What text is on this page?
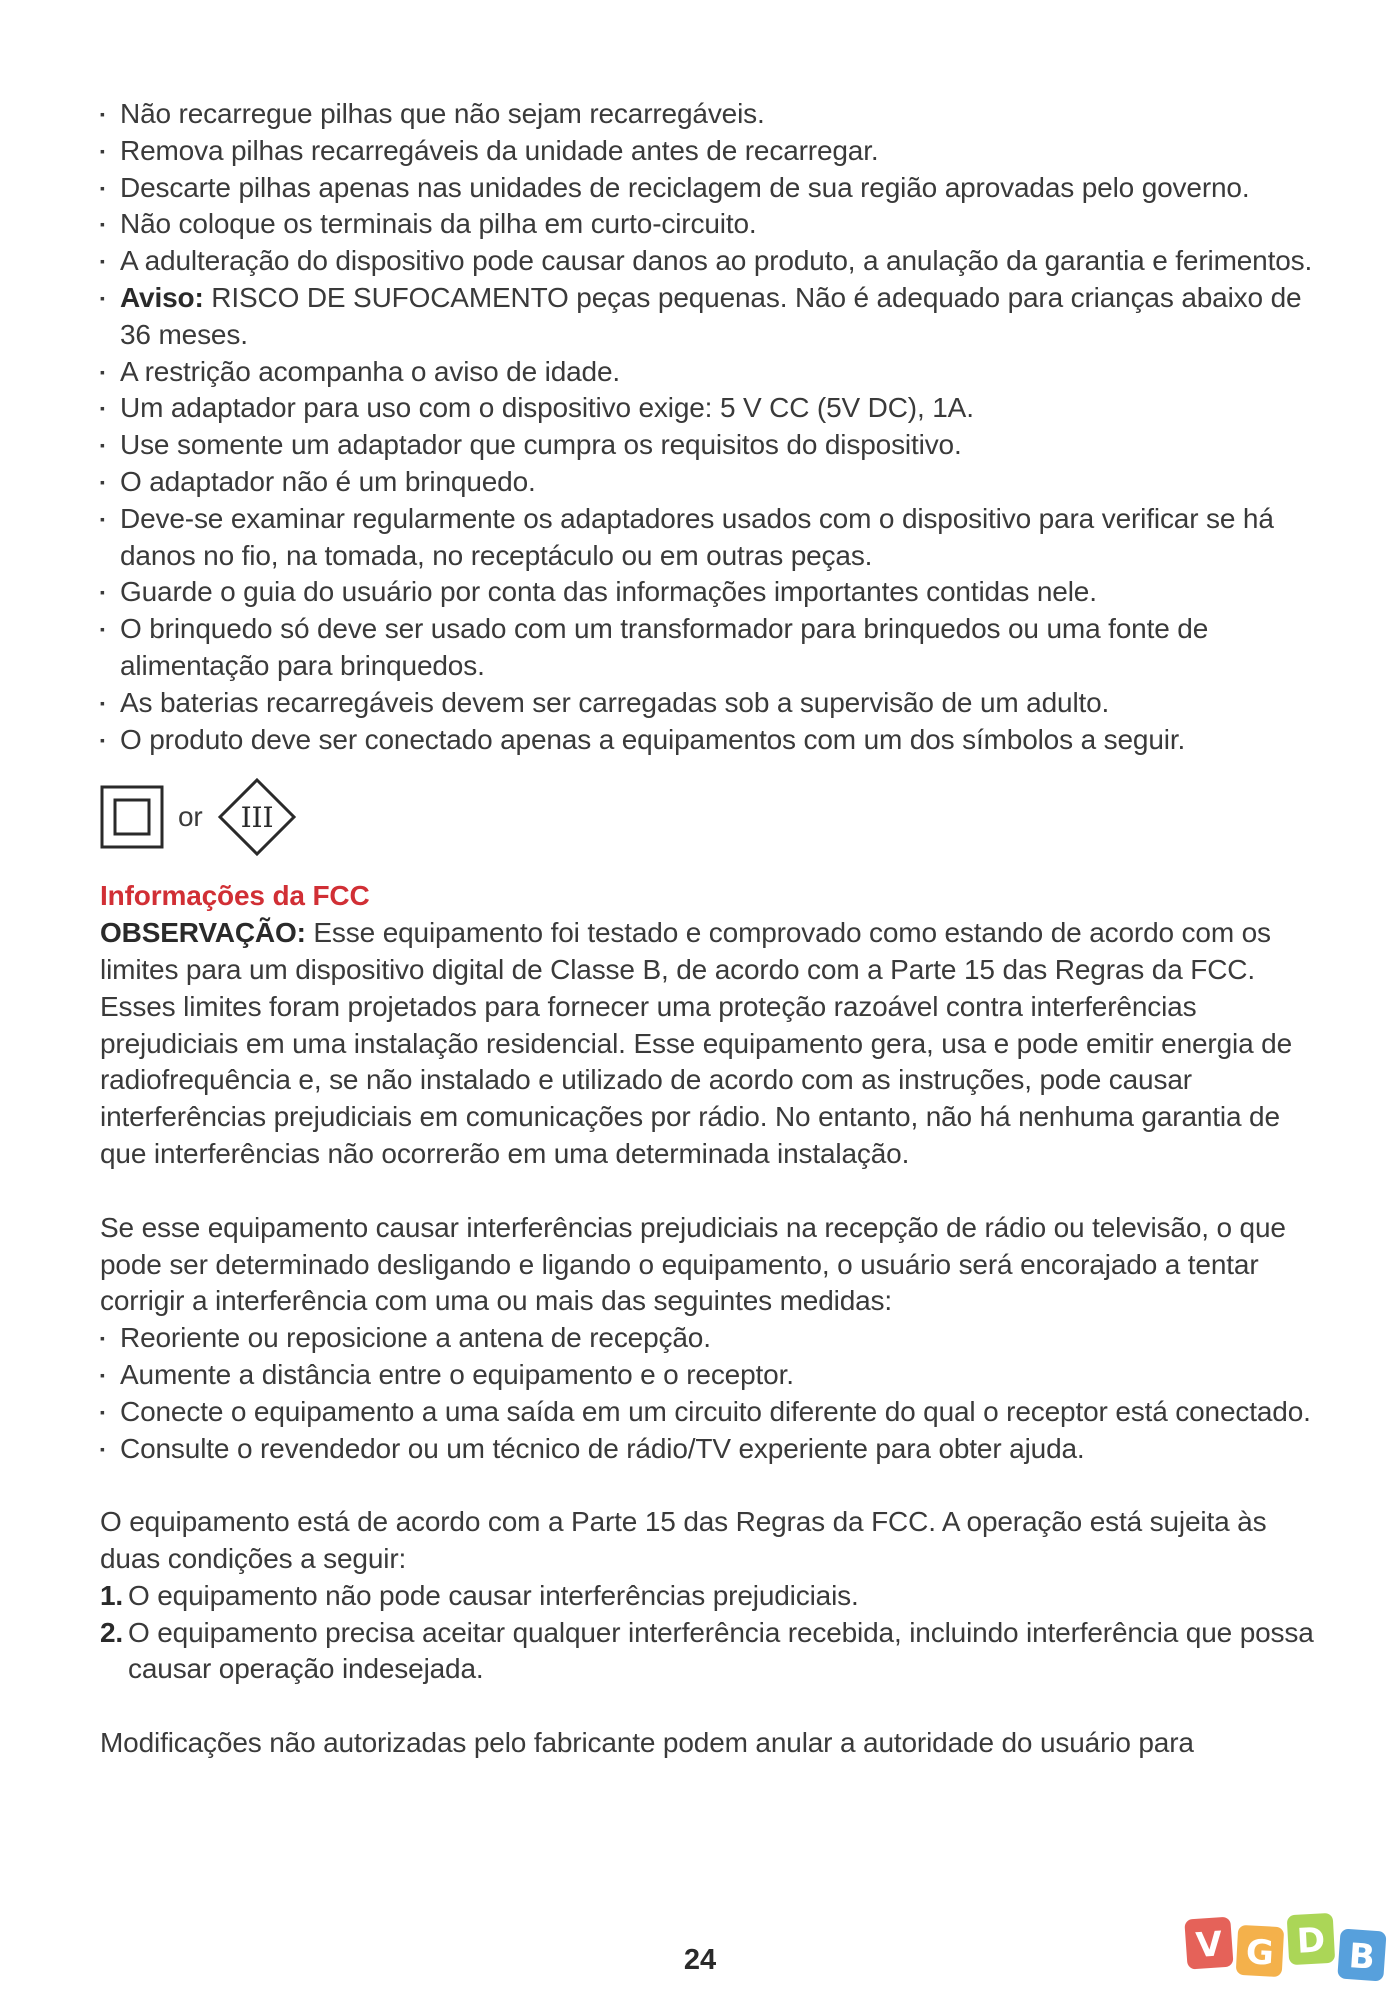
▪ Não recarregue pilhas que não sejam recarregáveis.
▪ Remova pilhas recarregáveis da unidade antes de recarregar.
▪ Descarte pilhas apenas nas unidades de reciclagem de sua região aprovadas pelo governo.
▪ Não coloque os terminais da pilha em curto-circuito.
▪ A adulteração do dispositivo pode causar danos ao produto, a anulação da garantia e ferimentos.
▪ Aviso: RISCO DE SUFOCAMENTO peças pequenas. Não é adequado para crianças abaixo de 36 meses.
▪ A restrição acompanha o aviso de idade.
▪ Um adaptador para uso com o dispositivo exige: 5 V CC (5V DC), 1A.
▪ Use somente um adaptador que cumpra os requisitos do dispositivo.
▪ O adaptador não é um brinquedo.
▪ Deve-se examinar regularmente os adaptadores usados com o dispositivo para verificar se há danos no fio, na tomada, no receptáculo ou em outras peças.
▪ Guarde o guia do usuário por conta das informações importantes contidas nele.
▪ O brinquedo só deve ser usado com um transformador para brinquedos ou uma fonte de alimentação para brinquedos.
▪ As baterias recarregáveis devem ser carregadas sob a supervisão de um adulto.
▪ O produto deve ser conectado apenas a equipamentos com um dos símbolos a seguir.
or III
Informações da FCC

OBSERVAÇÃO: Esse equipamento foi testado e comprovado como estando de acordo com os limites para um dispositivo digital de Classe B, de acordo com a Parte 15 das Regras da FCC. Esses limites foram projetados para fornecer uma proteção razoável contra interferências prejudiciais em uma instalação residencial. Esse equipamento gera, usa e pode emitir energia de radiofrequência e, se não instalado e utilizado de acordo com as instruções, pode causar interferências prejudiciais em comunicações por rádio. No entanto, não há nenhuma garantia de que interferências não ocorrerão em uma determinada instalação.

Se esse equipamento causar interferências prejudiciais na recepção de rádio ou televisão, o que pode ser determinado desligando e ligando o equipamento, o usuário será encorajado a tentar corrigir a interferência com uma ou mais das seguintes medidas:

▪ Reoriente ou reposicione a antena de recepção.
▪ Aumente a distância entre o equipamento e o receptor.
▪ Conecte o equipamento a uma saída em um circuito diferente do qual o receptor está conectado.
▪ Consulte o revendedor ou um técnico de rádio/TV experiente para obter ajuda.

O equipamento está de acordo com a Parte 15 das Regras da FCC. A operação está sujeita às duas condições a seguir:

1. O equipamento não pode causar interferências prejudiciais.
2. O equipamento precisa aceitar qualquer interferência recebida, incluindo interferência que possa causar operação indesejada.

Modificações não autorizadas pelo fabricante podem anular a autoridade do usuário para

24	V G D B
